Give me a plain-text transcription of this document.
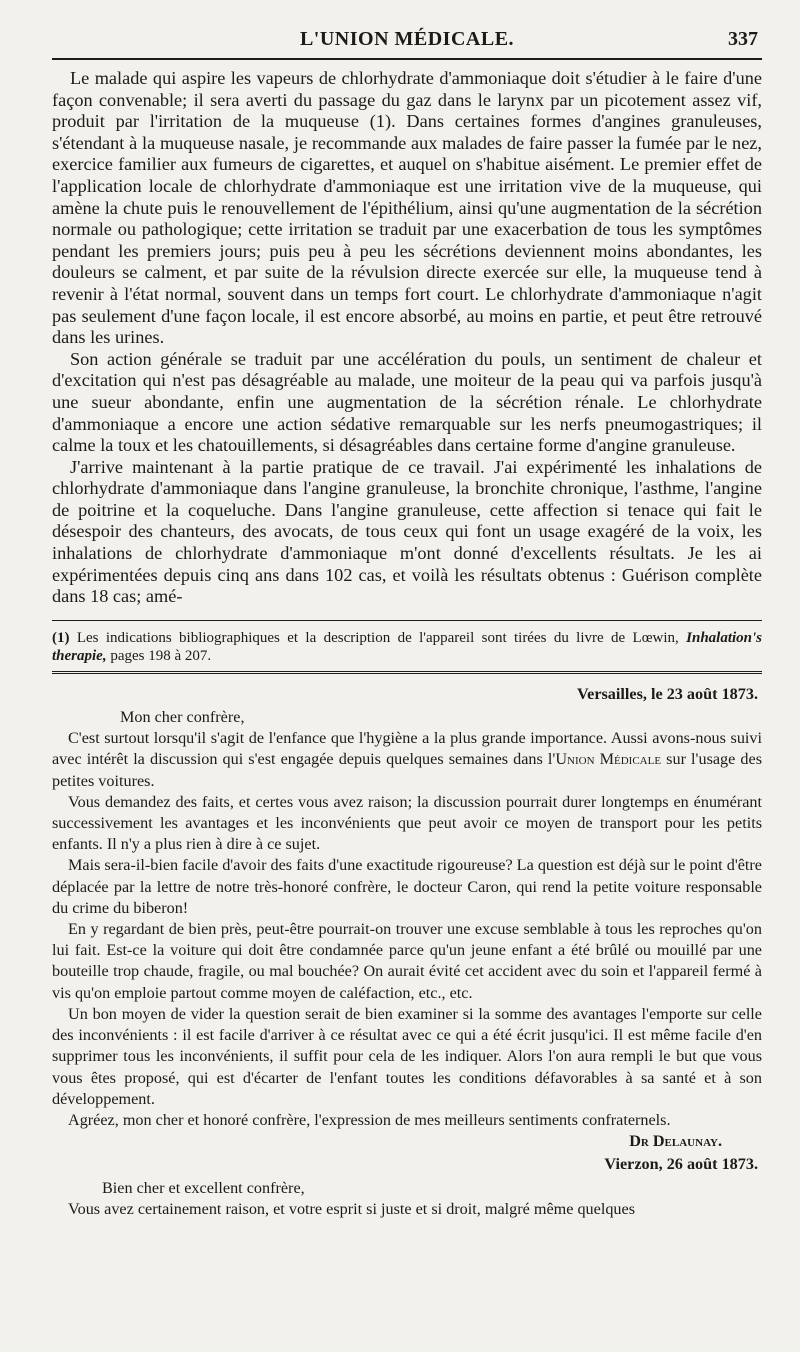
L'UNION MÉDICALE.	337

Le malade qui aspire les vapeurs de chlorhydrate d'ammoniaque doit s'étudier à le faire d'une façon convenable; il sera averti du passage du gaz dans le larynx par un picotement assez vif, produit par l'irritation de la muqueuse (1). Dans certaines formes d'angines granuleuses, s'étendant à la muqueuse nasale, je recommande aux malades de faire passer la fumée par le nez, exercice familier aux fumeurs de cigarettes, et auquel on s'habitue aisément. Le premier effet de l'application locale de chlorhydrate d'ammoniaque est une irritation vive de la muqueuse, qui amène la chute puis le renouvellement de l'épithélium, ainsi qu'une augmentation de la sécrétion normale ou pathologique; cette irritation se traduit par une exacerbation de tous les symptômes pendant les premiers jours; puis peu à peu les sécrétions deviennent moins abondantes, les douleurs se calment, et par suite de la révulsion directe exercée sur elle, la muqueuse tend à revenir à l'état normal, souvent dans un temps fort court. Le chlorhydrate d'ammoniaque n'agit pas seulement d'une façon locale, il est encore absorbé, au moins en partie, et peut être retrouvé dans les urines.

Son action générale se traduit par une accélération du pouls, un sentiment de chaleur et d'excitation qui n'est pas désagréable au malade, une moiteur de la peau qui va parfois jusqu'à une sueur abondante, enfin une augmentation de la sécrétion rénale. Le chlorhydrate d'ammoniaque a encore une action sédative remarquable sur les nerfs pneumogastriques; il calme la toux et les chatouillements, si désagréables dans certaine forme d'angine granuleuse.

J'arrive maintenant à la partie pratique de ce travail. J'ai expérimenté les inhalations de chlorhydrate d'ammoniaque dans l'angine granuleuse, la bronchite chronique, l'asthme, l'angine de poitrine et la coqueluche. Dans l'angine granuleuse, cette affection si tenace qui fait le désespoir des chanteurs, des avocats, de tous ceux qui font un usage exagéré de la voix, les inhalations de chlorhydrate d'ammoniaque m'ont donné d'excellents résultats. Je les ai expérimentées depuis cinq ans dans 102 cas, et voilà les résultats obtenus : Guérison complète dans 18 cas; amé-

(1) Les indications bibliographiques et la description de l'appareil sont tirées du livre de Lœwin, Inhalation's therapie, pages 198 à 207.
Versailles, le 23 août 1873.

Mon cher confrère,

C'est surtout lorsqu'il s'agit de l'enfance que l'hygiène a la plus grande importance. Aussi avons-nous suivi avec intérêt la discussion qui s'est engagée depuis quelques semaines dans l'Union Médicale sur l'usage des petites voitures.

Vous demandez des faits, et certes vous avez raison; la discussion pourrait durer longtemps en énumérant successivement les avantages et les inconvénients que peut avoir ce moyen de transport pour les petits enfants. Il n'y a plus rien à dire à ce sujet.

Mais sera-il-bien facile d'avoir des faits d'une exactitude rigoureuse? La question est déjà sur le point d'être déplacée par la lettre de notre très-honoré confrère, le docteur Caron, qui rend la petite voiture responsable du crime du biberon!

En y regardant de bien près, peut-être pourrait-on trouver une excuse semblable à tous les reproches qu'on lui fait. Est-ce la voiture qui doit être condamnée parce qu'un jeune enfant a été brûlé ou mouillé par une bouteille trop chaude, fragile, ou mal bouchée? On aurait évité cet accident avec du soin et l'appareil fermé à vis qu'on emploie partout comme moyen de caléfaction, etc., etc.

Un bon moyen de vider la question serait de bien examiner si la somme des avantages l'emporte sur celle des inconvénients : il est facile d'arriver à ce résultat avec ce qui a été écrit jusqu'ici. Il est même facile d'en supprimer tous les inconvénients, il suffit pour cela de les indiquer. Alors l'on aura rempli le but que vous vous êtes proposé, qui est d'écarter de l'enfant toutes les conditions défavorables à sa santé et à son développement.

Agréez, mon cher et honoré confrère, l'expression de mes meilleurs sentiments confraternels.

Dr Delaunay.
Vierzon, 26 août 1873.

Bien cher et excellent confrère,

Vous avez certainement raison, et votre esprit si juste et si droit, malgré même quelques
